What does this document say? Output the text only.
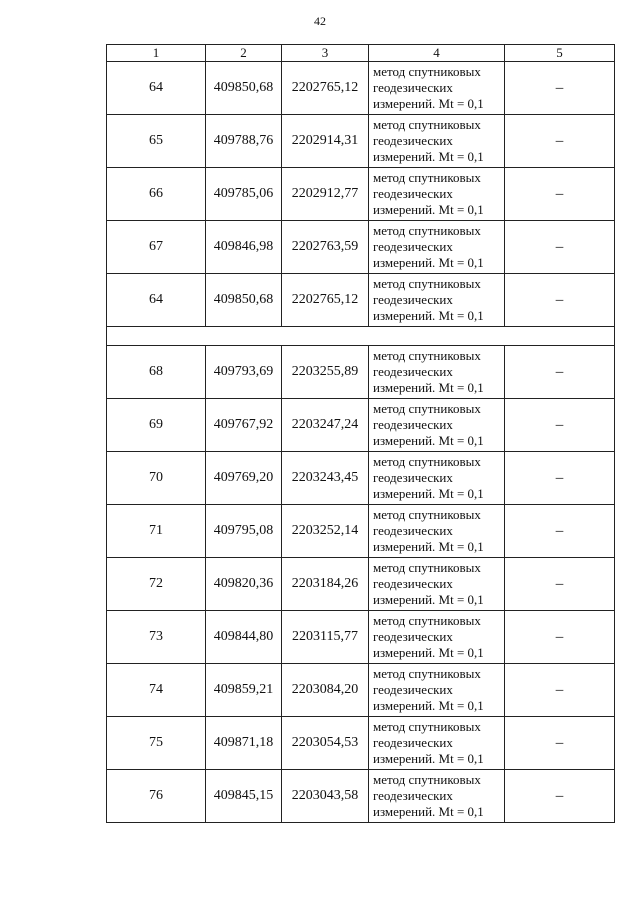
42
1	2	3	4	5
64	409850,68	2202765,12	метод спутниковых
геодезических
измерений. Mt = 0,1	–
65	409788,76	2202914,31	метод спутниковых
геодезических
измерений. Mt = 0,1	–
66	409785,06	2202912,77	метод спутниковых
геодезических
измерений. Mt = 0,1	–
67	409846,98	2202763,59	метод спутниковых
геодезических
измерений. Mt = 0,1	–
64	409850,68	2202765,12	метод спутниковых
геодезических
измерений. Mt = 0,1	–

68	409793,69	2203255,89	метод спутниковых
геодезических
измерений. Mt = 0,1	–
69	409767,92	2203247,24	метод спутниковых
геодезических
измерений. Mt = 0,1	–
70	409769,20	2203243,45	метод спутниковых
геодезических
измерений. Mt = 0,1	–
71	409795,08	2203252,14	метод спутниковых
геодезических
измерений. Mt = 0,1	–
72	409820,36	2203184,26	метод спутниковых
геодезических
измерений. Mt = 0,1	–
73	409844,80	2203115,77	метод спутниковых
геодезических
измерений. Mt = 0,1	–
74	409859,21	2203084,20	метод спутниковых
геодезических
измерений. Mt = 0,1	–
75	409871,18	2203054,53	метод спутниковых
геодезических
измерений. Mt = 0,1	–
76	409845,15	2203043,58	метод спутниковых
геодезических
измерений. Mt = 0,1	–
